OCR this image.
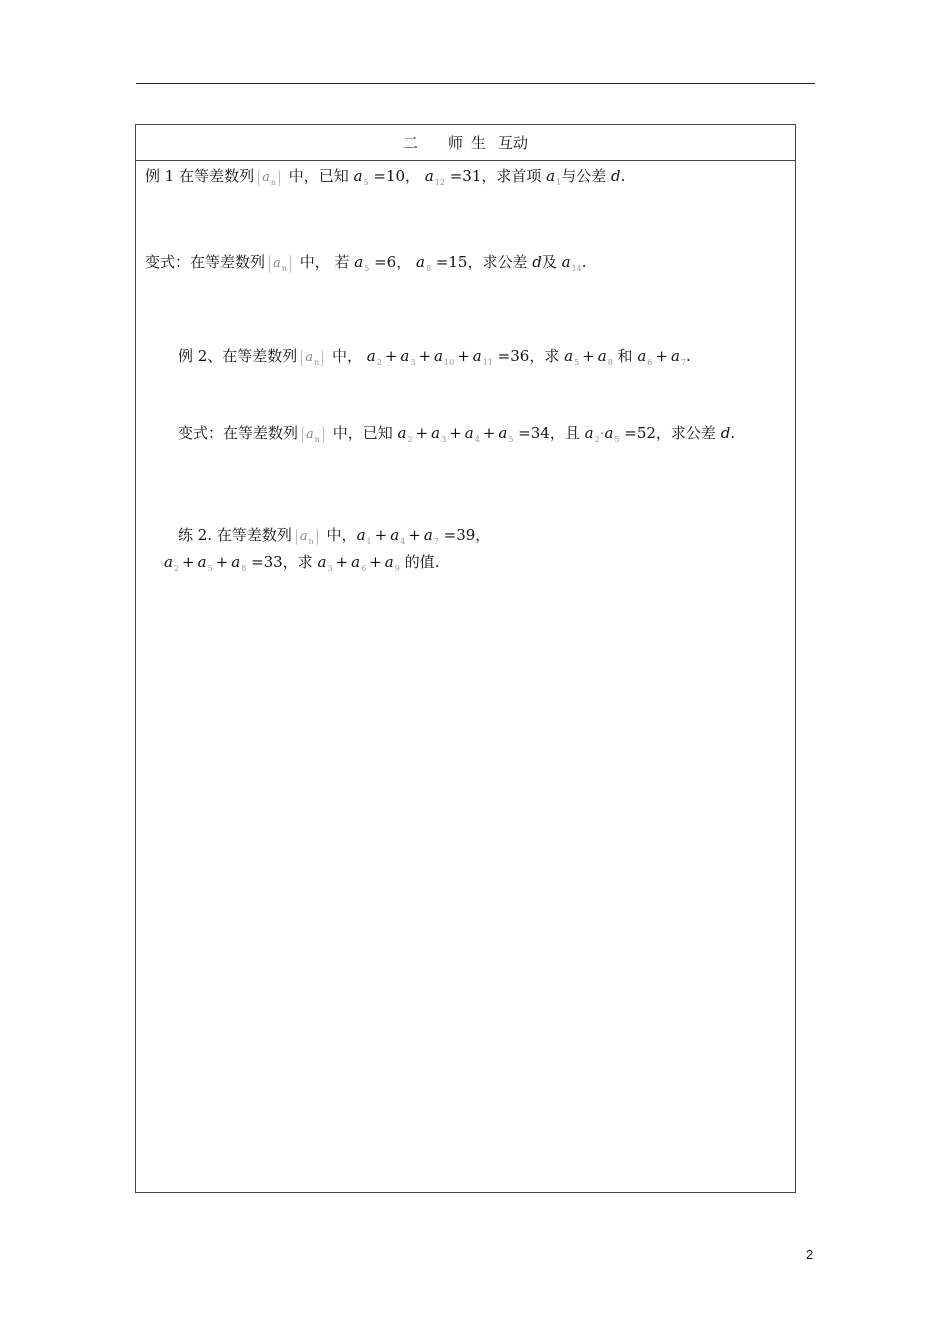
二 师 生 互动
例 1 在等差数列 $a_n$ 中，已知 $a_5 =10$， $a_{12} =31$，求首项 $a_1$与公差 d.
变式：在等差数列 $a_n$ 中， 若 $a_5 =6$， $a_8 =15$，求公差 d及 $a_{14}$.
例 2、在等差数列 $a_n$ 中， $a_2 + a_3 + a_{10} + a_{11} =36$，求 $a_5 + a_8$ 和 $a_6 + a_7$.
变式：在等差数列 $a_n$ 中，已知 $a_2 + a_3 + a_4 + a_5 =34$，且 $a_2\cdot a_5 =52$，求公差 d.
练 2. 在等差数列 $a_n$ 中，$a_1 + a_4 + a_7 =39$，
$a_2 + a_5 + a_8 =33$，求 $a_3 + a_6 + a_9$ 的值.
2
